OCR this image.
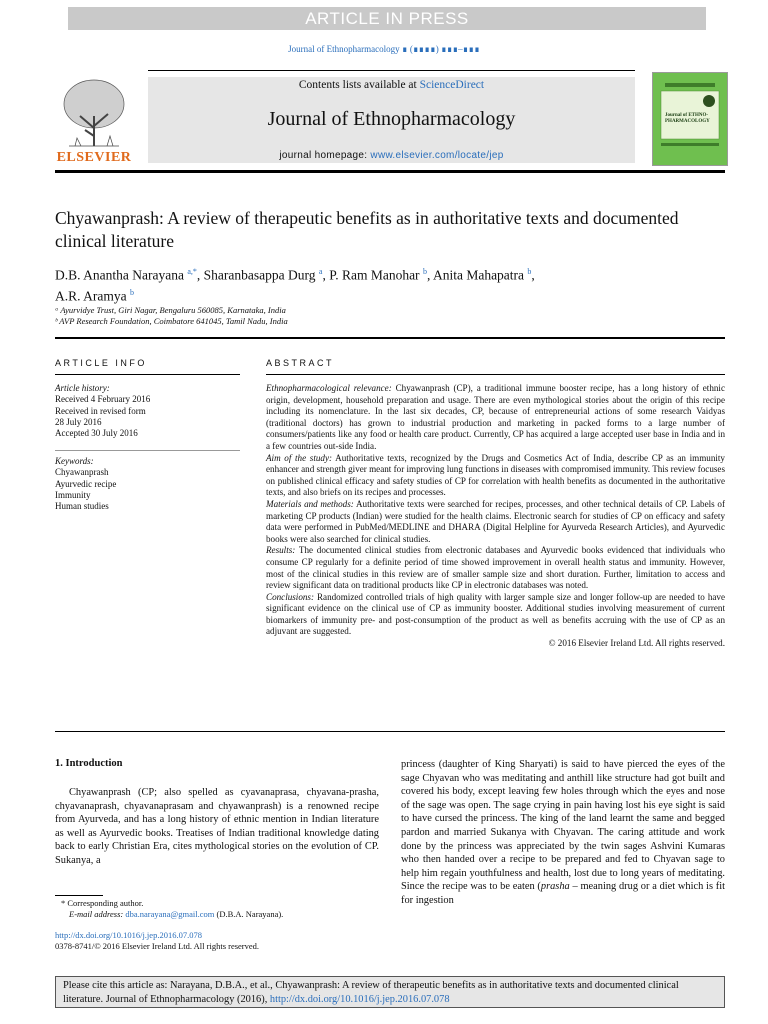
ARTICLE IN PRESS
Journal of Ethnopharmacology ∎ (∎∎∎∎) ∎∎∎–∎∎∎
ELSEVIER
Contents lists available at ScienceDirect
Journal of Ethnopharmacology
journal homepage: www.elsevier.com/locate/jep
Journal of ETHNO-PHARMACOLOGY
Chyawanprash: A review of therapeutic benefits as in authoritative texts and documented clinical literature
D.B. Anantha Narayana $^{a,*}$, Sharanbasappa Durg $^a$, P. Ram Manohar $^b$, Anita Mahapatra $^b$,
A.R. Aramya $^b$
ᵃ Ayurvidye Trust, Giri Nagar, Bengaluru 560085, Karnataka, India
ᵇ AVP Research Foundation, Coimbatore 641045, Tamil Nadu, India
ARTICLE INFO
Article history:
Received 4 February 2016
Received in revised form
28 July 2016
Accepted 30 July 2016
Keywords:
Chyawanprash
Ayurvedic recipe
Immunity
Human studies
ABSTRACT

Ethnopharmacological relevance: Chyawanprash (CP), a traditional immune booster recipe, has a long history of ethnic origin, development, household preparation and usage. There are even mythological stories about the origin of this recipe including its nomenclature. In the last six decades, CP, because of entrepreneurial actions of some research Vaidyas (traditional doctors) has grown to industrial production and marketing in packed forms to a large number of consumers/patients like any food or health care product. Currently, CP has acquired a large accepted user base in India and in a few countries out-side India.

Aim of the study: Authoritative texts, recognized by the Drugs and Cosmetics Act of India, describe CP as an immunity enhancer and strength giver meant for improving lung functions in diseases with compromised immunity. This review focuses on published clinical efficacy and safety studies of CP for correlation with health benefits as documented in the authoritative texts, and also briefs on its recipes and processes.

Materials and methods: Authoritative texts were searched for recipes, processes, and other technical details of CP. Labels of marketing CP products (Indian) were studied for the health claims. Electronic search for studies of CP on efficacy and safety data were performed in PubMed/MEDLINE and DHARA (Digital Helpline for Ayurveda Research Articles), and Ayurvedic books were also searched for clinical studies.

Results: The documented clinical studies from electronic databases and Ayurvedic books evidenced that individuals who consume CP regularly for a definite period of time showed improvement in overall health status and immunity. However, most of the clinical studies in this review are of smaller sample size and short duration. Further, limitation to access and review significant data on traditional products like CP in electronic databases was noted.

Conclusions: Randomized controlled trials of high quality with larger sample size and longer follow-up are needed to have significant evidence on the clinical use of CP as immunity booster. Additional studies involving measurement of current biomarkers of immunity pre- and post-consumption of the product as well as benefits accruing with the use of CP as an adjuvant are suggested.

© 2016 Elsevier Ireland Ltd. All rights reserved.

1. Introduction
Chyawanprash (CP; also spelled as cyavanaprasa, chyavana-prasha, chyavanaprash, chyavanaprasam and chyawanprash) is a renowned recipe from Ayurveda, and has a long history of ethnic mention in Indian literature as well as Ayurvedic books. Treatises of Indian traditional knowledge dating back to early Christian Era, cites mythological stories on the evolution of CP. Sukanya, a
princess (daughter of King Sharyati) is said to have pierced the eyes of the sage Chyavan who was meditating and anthill like structure had got built and covered his body, except leaving few holes through which the eyes and nose of the sage was open. The sage crying in pain having lost his eye sight is said to have cursed the princess. The king of the land learnt the same and begged pardon and married Sukanya with Chyavan. The caring attitude and work done by the princess was appreciated by the twin sages Ashvini Kumaras who then handed over a recipe to be prepared and fed to Chyavan sage to help him regain youthfulness and health, lost due to long years of meditating. Since the recipe was to be eaten (prasha – meaning drug or a diet which is fit for ingestion
* Corresponding author.
E-mail address: dba.narayana@gmail.com (D.B.A. Narayana).
http://dx.doi.org/10.1016/j.jep.2016.07.078
0378-8741/© 2016 Elsevier Ireland Ltd. All rights reserved.
Please cite this article as: Narayana, D.B.A., et al., Chyawanprash: A review of therapeutic benefits as in authoritative texts and documented clinical literature. Journal of Ethnopharmacology (2016), http://dx.doi.org/10.1016/j.jep.2016.07.078
